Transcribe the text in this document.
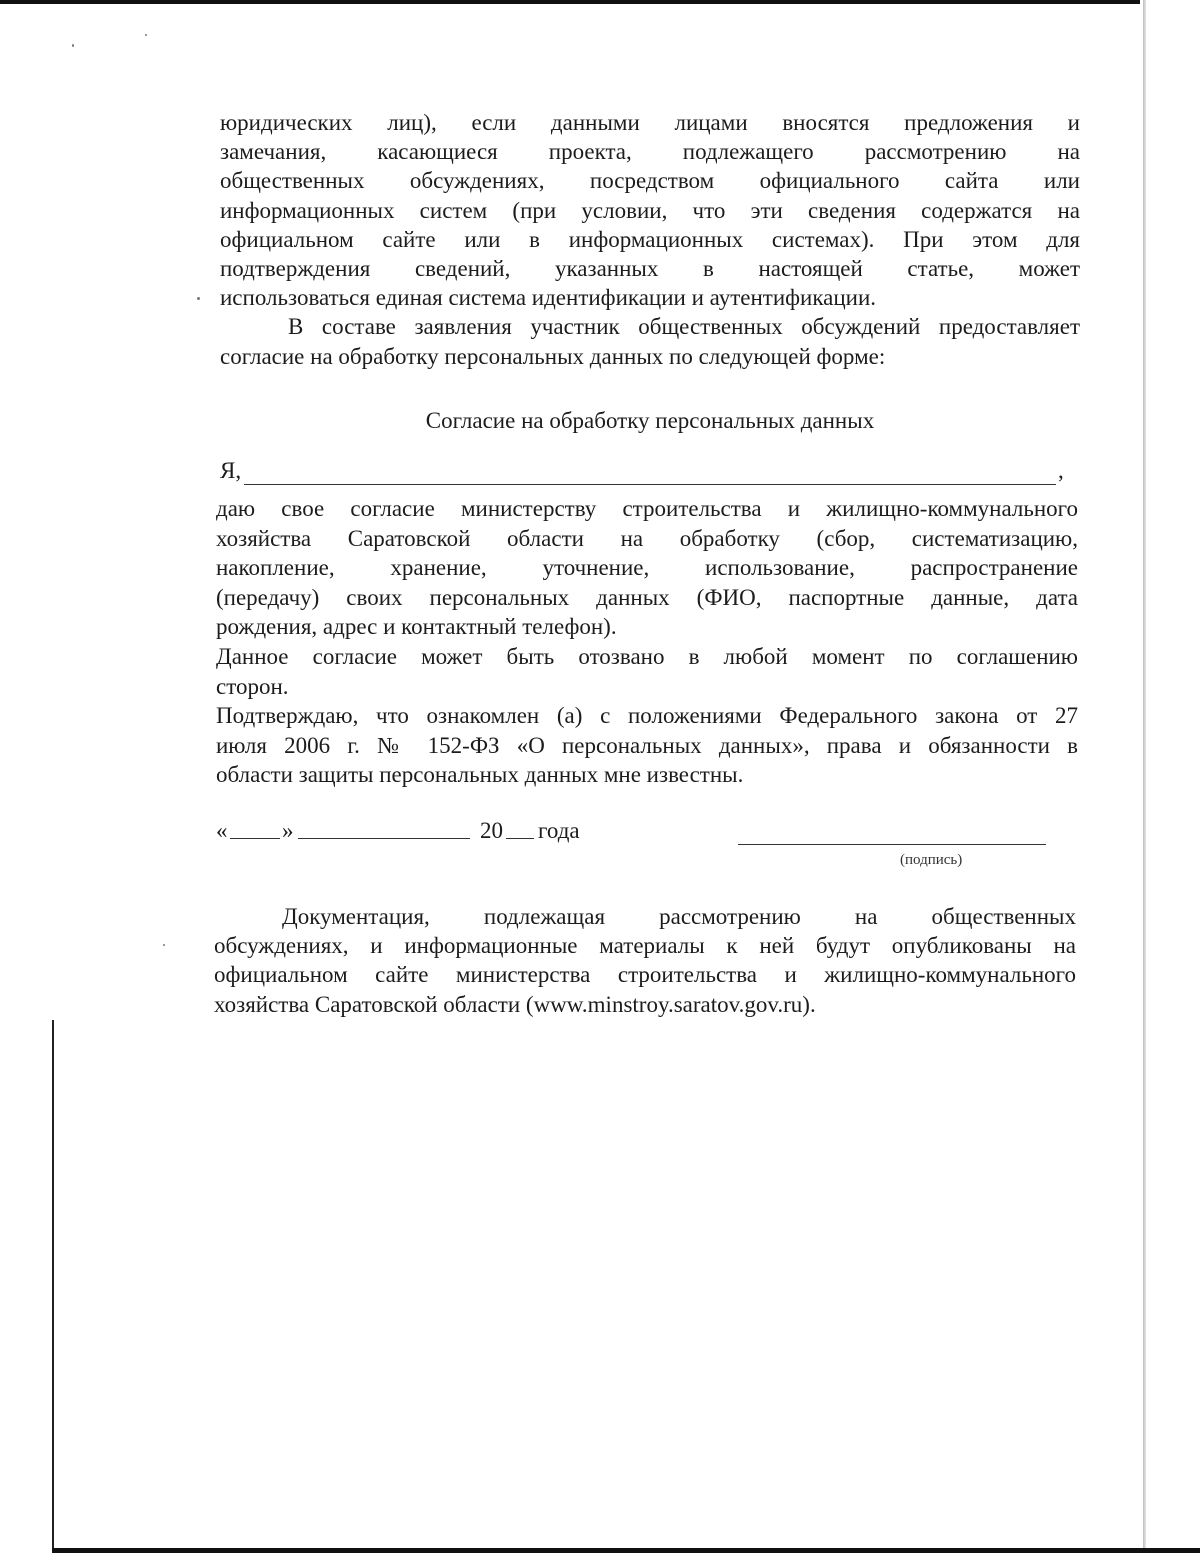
юридических лиц), если данными лицами вносятся предложения и
замечания, касающиеся проекта, подлежащего рассмотрению на
общественных обсуждениях, посредством официального сайта или
информационных систем (при условии, что эти сведения содержатся на
официальном сайте или в информационных системах). При этом для
подтверждения сведений, указанных в настоящей статье, может
использоваться единая система идентификации и аутентификации.

В составе заявления участник общественных обсуждений предоставляет
согласие на обработку персональных данных по следующей форме:

Согласие на обработку персональных данных
Я,	,
даю свое согласие министерству строительства и жилищно-коммунального
хозяйства Саратовской области на обработку (сбор, систематизацию,
накопление, хранение, уточнение, использование, распространение
(передачу) своих персональных данных (ФИО, паспортные данные, дата
рождения, адрес и контактный телефон).
Данное согласие может быть отозвано в любой момент по соглашению
сторон.
Подтверждаю, что ознакомлен (а) с положениями Федерального закона от 27
июля 2006 г. № 152-ФЗ «О персональных данных», права и обязанности в
области защиты персональных данных мне известны.
« »	20 года
(подпись)
Документация, подлежащая рассмотрению на общественных
обсуждениях, и информационные материалы к ней будут опубликованы на
официальном сайте министерства строительства и жилищно-коммунального
хозяйства Саратовской области (www.minstroy.saratov.gov.ru).
